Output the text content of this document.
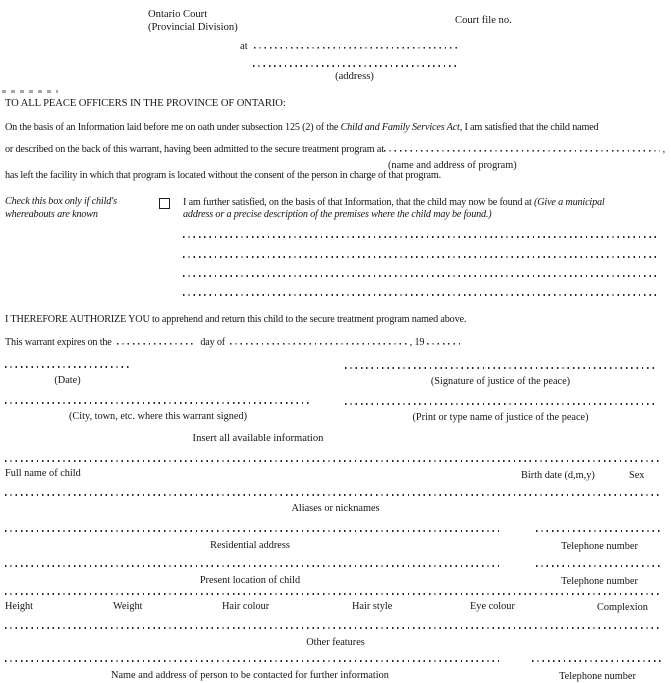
Ontario Court
(Provincial Division)
Court file no.
at
(address)
TO ALL PEACE OFFICERS IN THE PROVINCE OF ONTARIO:
On the basis of an Information laid before me on oath under subsection 125 (2) of the Child and Family Services Act, I am satisfied that the child named
or described on the back of this warrant, having been admitted to the secure treatment program at	,
(name and address of program)
has left the facility in which that program is located without the consent of the person in charge of that program.
Check this box only if child's
whereabouts are known
I am further satisfied, on the basis of that Information, that the child may now be found at (Give a municipal
address or a precise description of the premises where the child may be found.)
I THEREFORE AUTHORIZE YOU to apprehend and return this child to the secure treatment program named above.
This warrant expires on the	day of	, 19
(Date)	(Signature of justice of the peace)
(City, town, etc. where this warrant signed)	(Print or type name of justice of the peace)
Insert all available information
Full name of child	Birth date (d,m,y)	Sex
Aliases or nicknames
Residential address	Telephone number
Present location of child	Telephone number
Height	Weight	Hair colour	Hair style	Eye colour	Complexion
Other features
Name and address of person to be contacted for further information	Telephone number
